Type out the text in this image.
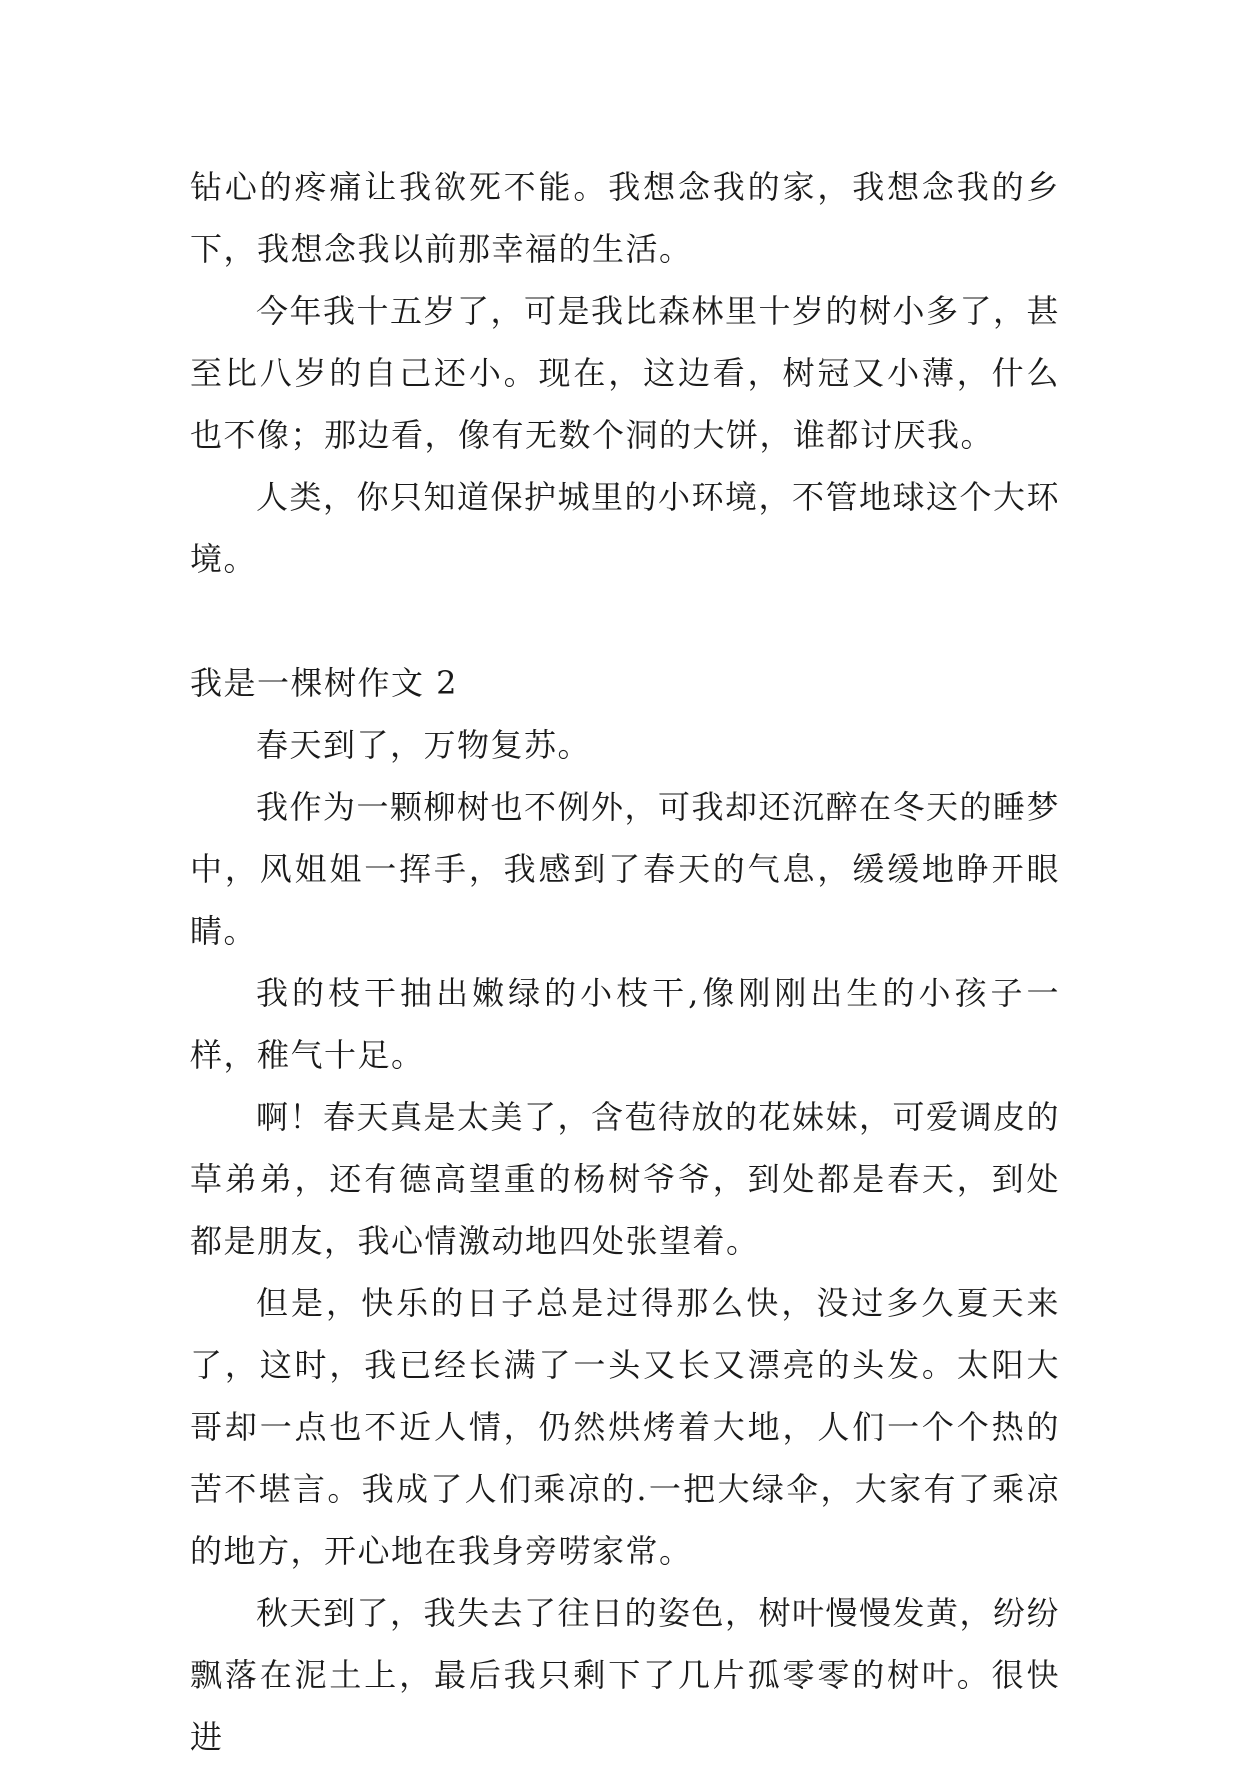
钻心的疼痛让我欲死不能。我想念我的家，我想念我的乡下，我想念我以前那幸福的生活。

今年我十五岁了，可是我比森林里十岁的树小多了，甚至比八岁的自己还小。现在，这边看，树冠又小薄，什么也不像；那边看，像有无数个洞的大饼，谁都讨厌我。

人类，你只知道保护城里的小环境，不管地球这个大环境。

我是一棵树作文 2

春天到了，万物复苏。

我作为一颗柳树也不例外，可我却还沉醉在冬天的睡梦中，风姐姐一挥手，我感到了春天的气息，缓缓地睁开眼睛。

我的枝干抽出嫩绿的小枝干,像刚刚出生的小孩子一样，稚气十足。

啊！春天真是太美了，含苞待放的花妹妹，可爱调皮的草弟弟，还有德高望重的杨树爷爷，到处都是春天，到处都是朋友，我心情激动地四处张望着。

但是，快乐的日子总是过得那么快，没过多久夏天来了，这时，我已经长满了一头又长又漂亮的头发。太阳大哥却一点也不近人情，仍然烘烤着大地，人们一个个热的苦不堪言。我成了人们乘凉的.一把大绿伞，大家有了乘凉的地方，开心地在我身旁唠家常。

秋天到了，我失去了往日的姿色，树叶慢慢发黄，纷纷飘落在泥土上，最后我只剩下了几片孤零零的树叶。很快进
